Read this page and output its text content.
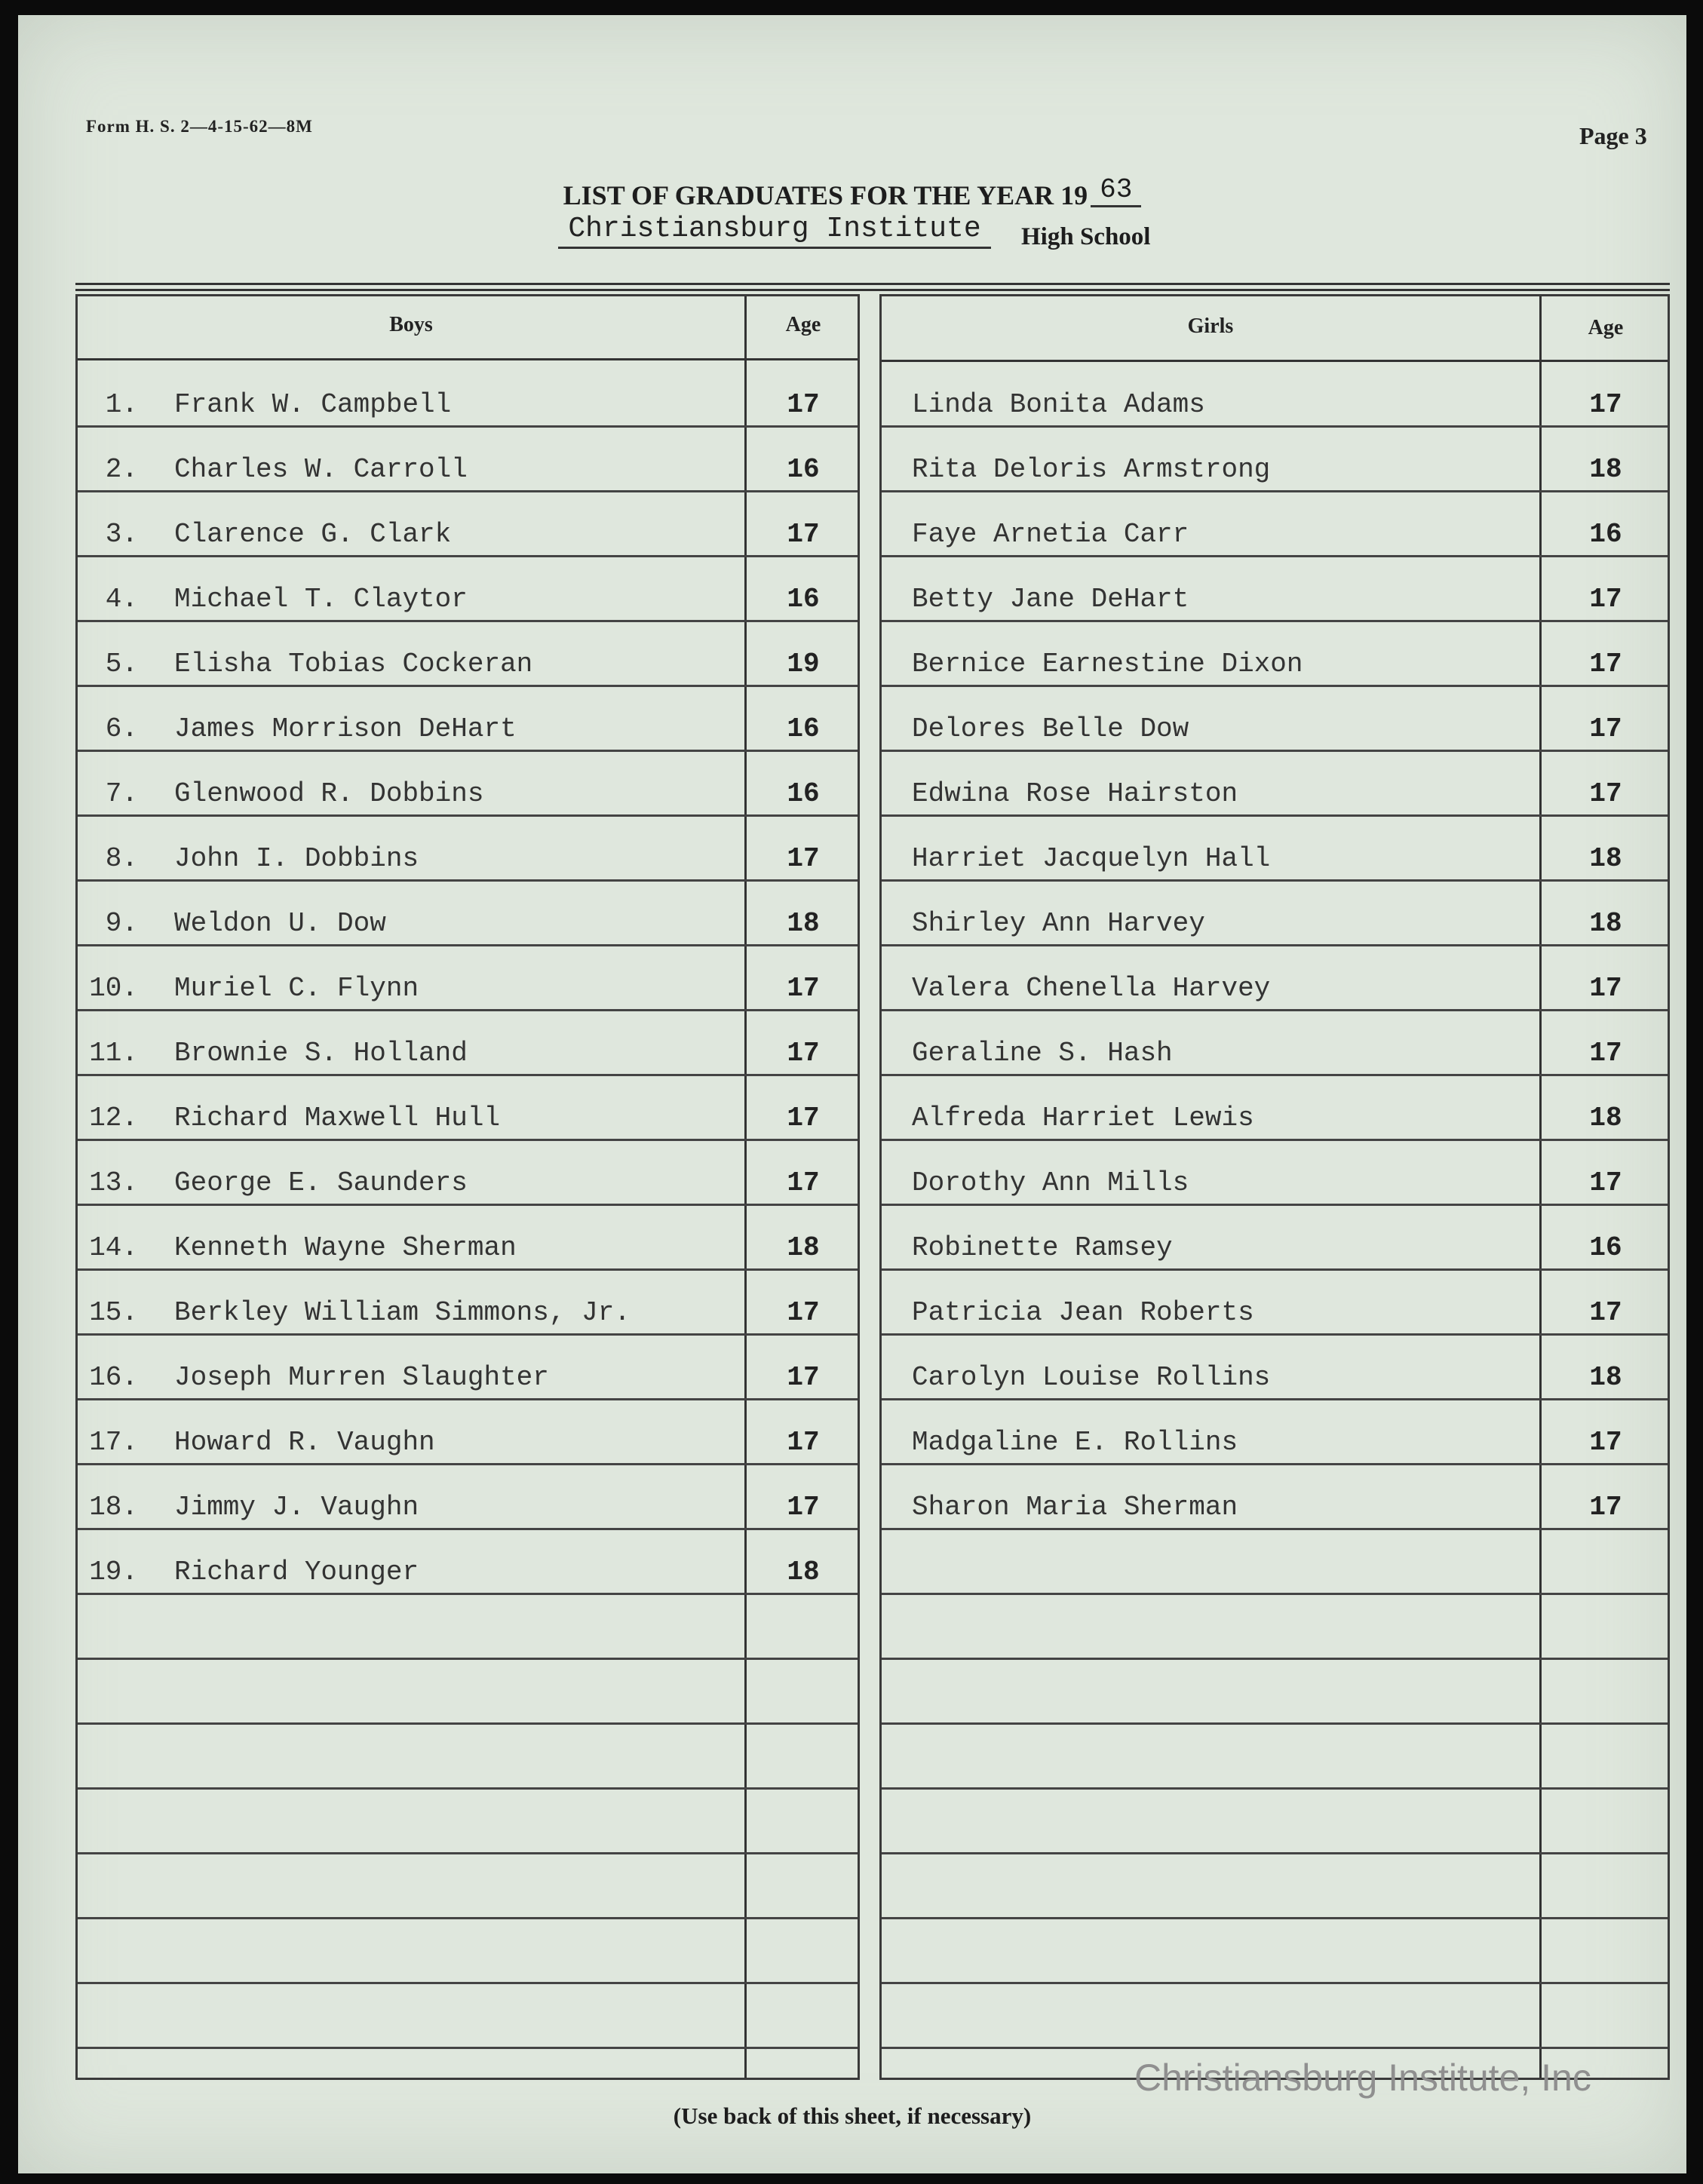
Form H. S. 2—4-15-62—8M	Page 3
LIST OF GRADUATES FOR THE YEAR 19 63
Christiansburg Institute	High School
Boys	Age
1. Frank W. Campbell	17
2. Charles W. Carroll	16
3. Clarence G. Clark	17
4. Michael T. Claytor	16
5. Elisha Tobias Cockeran	19
6. James Morrison DeHart	16
7. Glenwood R. Dobbins	16
8. John I. Dobbins	17
9. Weldon U. Dow	18
10. Muriel C. Flynn	17
11. Brownie S. Holland	17
12. Richard Maxwell Hull	17
13. George E. Saunders	17
14. Kenneth Wayne Sherman	18
15. Berkley William Simmons, Jr.	17
16. Joseph Murren Slaughter	17
17. Howard R. Vaughn	17
18. Jimmy J. Vaughn	17
19. Richard Younger	18
Girls	Age
Linda Bonita Adams	17
Rita Deloris Armstrong	18
Faye Arnetia Carr	16
Betty Jane DeHart	17
Bernice Earnestine Dixon	17
Delores Belle Dow	17
Edwina Rose Hairston	17
Harriet Jacquelyn Hall	18
Shirley Ann Harvey	18
Valera Chenella Harvey	17
Geraline S. Hash	17
Alfreda Harriet Lewis	18
Dorothy Ann Mills	17
Robinette Ramsey	16
Patricia Jean Roberts	17
Carolyn Louise Rollins	18
Madgaline E. Rollins	17
Sharon Maria Sherman	17
(Use back of this sheet, if necessary)
Christiansburg Institute, Inc
